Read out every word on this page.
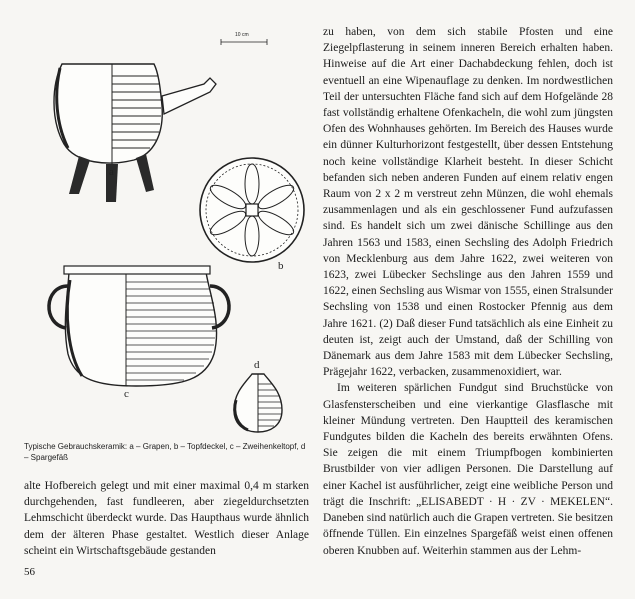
10 cm
a
b
c
d
Typische Gebrauchskeramik: a – Grapen, b – Topfdeckel, c – Zweihenkeltopf, d – Spargefäß
alte Hofbereich gelegt und mit einer maximal 0,4 m starken durchgehenden, fast fundleeren, aber ziegeldurchsetzten Lehmschicht überdeckt wurde. Das Haupthaus wurde ähnlich dem der älteren Phase gestaltet. Westlich dieser Anlage scheint ein Wirtschaftsgebäude gestanden

zu haben, von dem sich stabile Pfosten und eine Ziegelpflasterung in seinem inneren Bereich erhalten haben. Hinweise auf die Art einer Dachabdeckung fehlen, doch ist eventuell an eine Wipenauflage zu denken. Im nordwestlichen Teil der untersuchten Fläche fand sich auf dem Hofgelände 28 fast vollständig erhaltene Ofenkacheln, die wohl zum jüngsten Ofen des Wohnhauses gehörten. Im Bereich des Hauses wurde ein dünner Kulturhorizont festgestellt, über dessen Entstehung noch keine vollständige Klarheit besteht. In dieser Schicht befanden sich neben anderen Funden auf einem relativ engen Raum von 2 x 2 m verstreut zehn Münzen, die wohl ehemals zusammenlagen und als ein geschlossener Fund aufzufassen sind. Es handelt sich um zwei dänische Schillinge aus den Jahren 1563 und 1583, einen Sechsling des Adolph Friedrich von Mecklenburg aus dem Jahre 1622, zwei weiteren von 1623, zwei Lübecker Sechslinge aus den Jahren 1559 und 1622, einen Sechsling aus Wismar von 1555, einen Stralsunder Sechsling von 1538 und einen Rostocker Pfennig aus dem Jahre 1621. (2) Daß dieser Fund tatsächlich als eine Einheit zu deuten ist, zeigt auch der Umstand, daß der Schilling von Dänemark aus dem Jahre 1583 mit dem Lübecker Sechsling, Prägejahr 1622, verbacken, zusammenoxidiert, war.

Im weiteren spärlichen Fundgut sind Bruchstücke von Glasfensterscheiben und eine vierkantige Glasflasche mit kleiner Mündung vertreten. Den Hauptteil des keramischen Fundgutes bilden die Kacheln des bereits erwähnten Ofens. Sie zeigen die mit einem Triumpfbogen kombinierten Brustbilder von vier adligen Personen. Die Darstellung auf einer Kachel ist ausführlicher, zeigt eine weibliche Person und trägt die Inschrift: „ELISABEDT · H · ZV · MEKELEN“. Daneben sind natürlich auch die Grapen vertreten. Sie besitzen öffnende Tüllen. Ein einzelnes Spargefäß weist einen offenen oberen Knubben auf. Weiterhin stammen aus der Lehm-

56
